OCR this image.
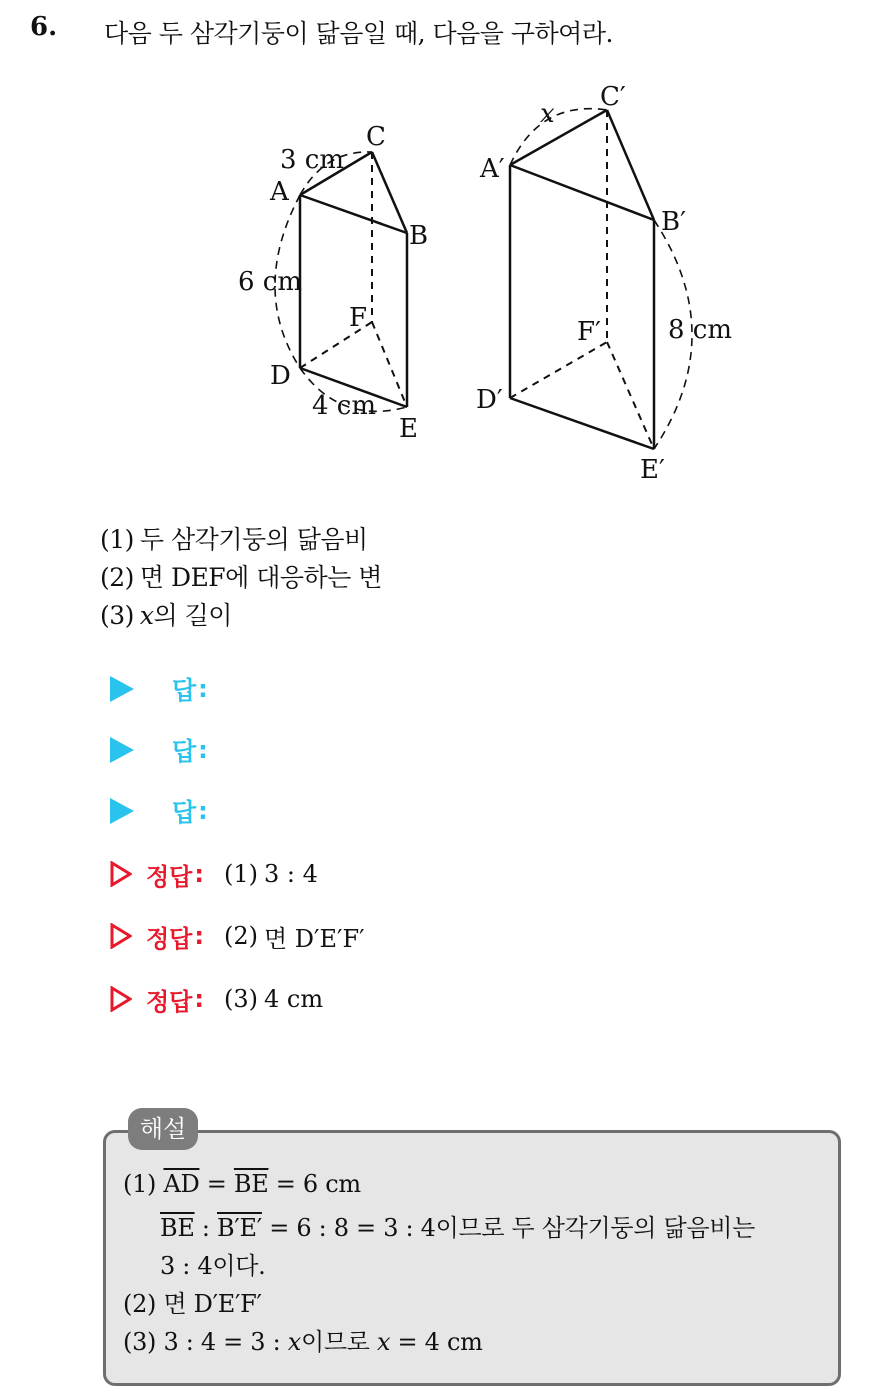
6. 다음 두 삼각기둥이 닮음일 때, 다음을 구하여라.
C
A
B
F
D
E
3 cm
6 cm
4 cm
C′
A′
B′
F′
D′
E′
x
8 cm
(1) 두 삼각기둥의 닮음비
(2) 면 DEF에 대응하는 변
(3) x의 길이
답 :
답 :
답 :
정답 : (1) 3 : 4
정답 : (2) 면 D′E′F′
정답 : (3) 4 cm
해설
(1) $\overline{AD} = \overline{BE} = 6$ cm
$\overline{BE}$ : B′E′ = 6 : 8 = 3 : 4이므로 두 삼각기둥의 닮음비는
3 : 4이다.
(2) 면 D′E′F′
(3) 3 : 4 = 3 : x이므로 x = 4 cm
